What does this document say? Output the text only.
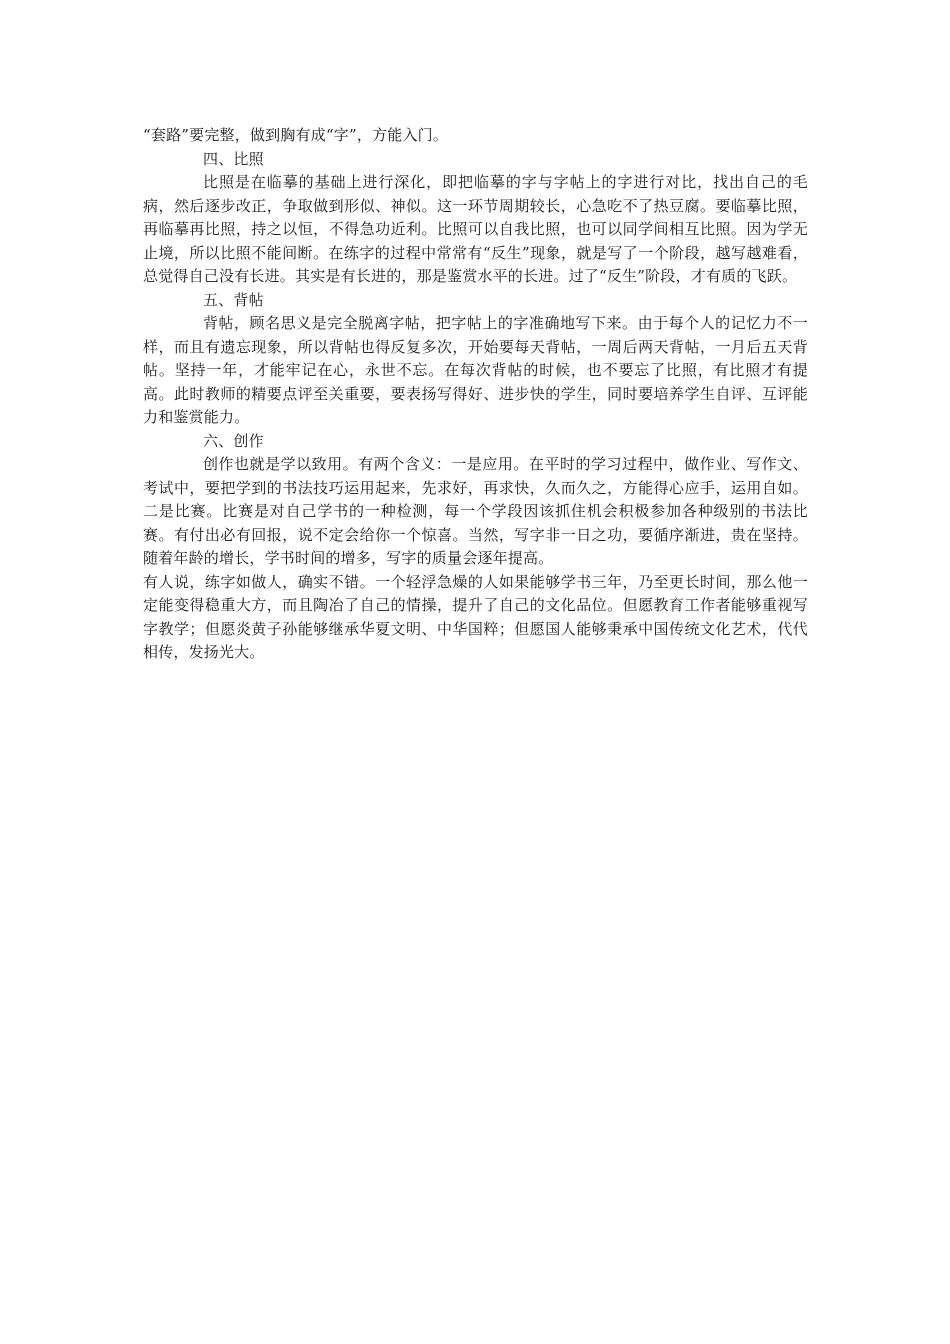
“套路”要完整，做到胸有成“字”，方能入门。

四、比照

比照是在临摹的基础上进行深化，即把临摹的字与字帖上的字进行对比，找出自己的毛病，然后逐步改正，争取做到形似、神似。这一环节周期较长，心急吃不了热豆腐。要临摹比照，再临摹再比照，持之以恒，不得急功近利。比照可以自我比照，也可以同学间相互比照。因为学无止境，所以比照不能间断。在练字的过程中常常有“反生”现象，就是写了一个阶段，越写越难看，总觉得自己没有长进。其实是有长进的，那是鉴赏水平的长进。过了“反生”阶段，才有质的飞跃。

五、背帖

背帖，顾名思义是完全脱离字帖，把字帖上的字准确地写下来。由于每个人的记忆力不一样，而且有遗忘现象，所以背帖也得反复多次，开始要每天背帖，一周后两天背帖，一月后五天背帖。坚持一年，才能牢记在心，永世不忘。在每次背帖的时候，也不要忘了比照，有比照才有提高。此时教师的精要点评至关重要，要表扬写得好、进步快的学生，同时要培养学生自评、互评能力和鉴赏能力。

六、创作

创作也就是学以致用。有两个含义：一是应用。在平时的学习过程中，做作业、写作文、考试中，要把学到的书法技巧运用起来，先求好，再求快，久而久之，方能得心应手，运用自如。二是比赛。比赛是对自己学书的一种检测，每一个学段因该抓住机会积极参加各种级别的书法比赛。有付出必有回报，说不定会给你一个惊喜。当然，写字非一日之功，要循序渐进，贵在坚持。随着年龄的增长，学书时间的增多，写字的质量会逐年提高。

有人说，练字如做人，确实不错。一个轻浮急燥的人如果能够学书三年，乃至更长时间，那么他一定能变得稳重大方，而且陶冶了自己的情操，提升了自己的文化品位。但愿教育工作者能够重视写字教学；但愿炎黄子孙能够继承华夏文明、中华国粹；但愿国人能够秉承中国传统文化艺术，代代相传，发扬光大。
